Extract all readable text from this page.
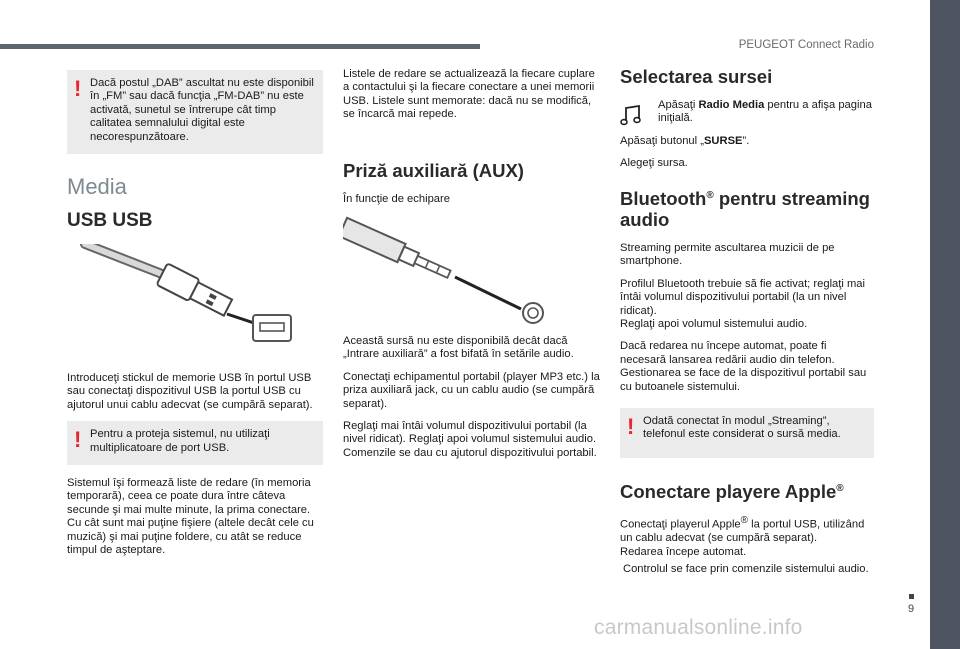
PEUGEOT Connect Radio
9
carmanualsonline.info
! Dacă postul „DAB” ascultat nu este disponibil în „FM” sau dacă funcţia „FM-DAB” nu este activată, sunetul se întrerupe cât timp calitatea semnalului digital este necorespunzătoare.

Media
USB USB

Introduceţi stickul de memorie USB în portul USB sau conectaţi dispozitivul USB la portul USB cu ajutorul unui cablu adecvat (se cumpără separat).

! Pentru a proteja sistemul, nu utilizaţi multiplicatoare de port USB.

Sistemul îşi formează liste de redare (în memoria temporară), ceea ce poate dura între câteva secunde şi mai multe minute, la prima conectare.
Cu cât sunt mai puţine fişiere (altele decât cele cu muzică) şi mai puţine foldere, cu atât se reduce timpul de aşteptare.

Listele de redare se actualizează la fiecare cuplare a contactului şi la fiecare conectare a unei memorii USB. Listele sunt memorate: dacă nu se modifică, se încarcă mai repede.

Priză auxiliară (AUX)

În funcţie de echipare

Această sursă nu este disponibilă decât dacă „Intrare auxiliară” a fost bifată în setările audio.

Conectaţi echipamentul portabil (player MP3 etc.) la priza auxiliară jack, cu un cablu audio (se cumpără separat).

Reglaţi mai întâi volumul dispozitivului portabil (la nivel ridicat). Reglaţi apoi volumul sistemului audio.
Comenzile se dau cu ajutorul dispozitivului portabil.

Selectarea sursei

Apăsaţi Radio Media pentru a afişa pagina iniţială.

Apăsaţi butonul „SURSE”.

Alegeţi sursa.

Bluetooth® pentru streaming audio

Streaming permite ascultarea muzicii de pe smartphone.

Profilul Bluetooth trebuie să fie activat; reglaţi mai întâi volumul dispozitivului portabil (la un nivel ridicat).
Reglaţi apoi volumul sistemului audio.

Dacă redarea nu începe automat, poate fi necesară lansarea redării audio din telefon.
Gestionarea se face de la dispozitivul portabil sau cu butoanele sistemului.

! Odată conectat în modul „Streaming”, telefonul este considerat o sursă media.

Conectare playere Apple®

Conectaţi playerul Apple® la portul USB, utilizând un cablu adecvat (se cumpără separat).
Redarea începe automat.

Controlul se face prin comenzile sistemului audio.
